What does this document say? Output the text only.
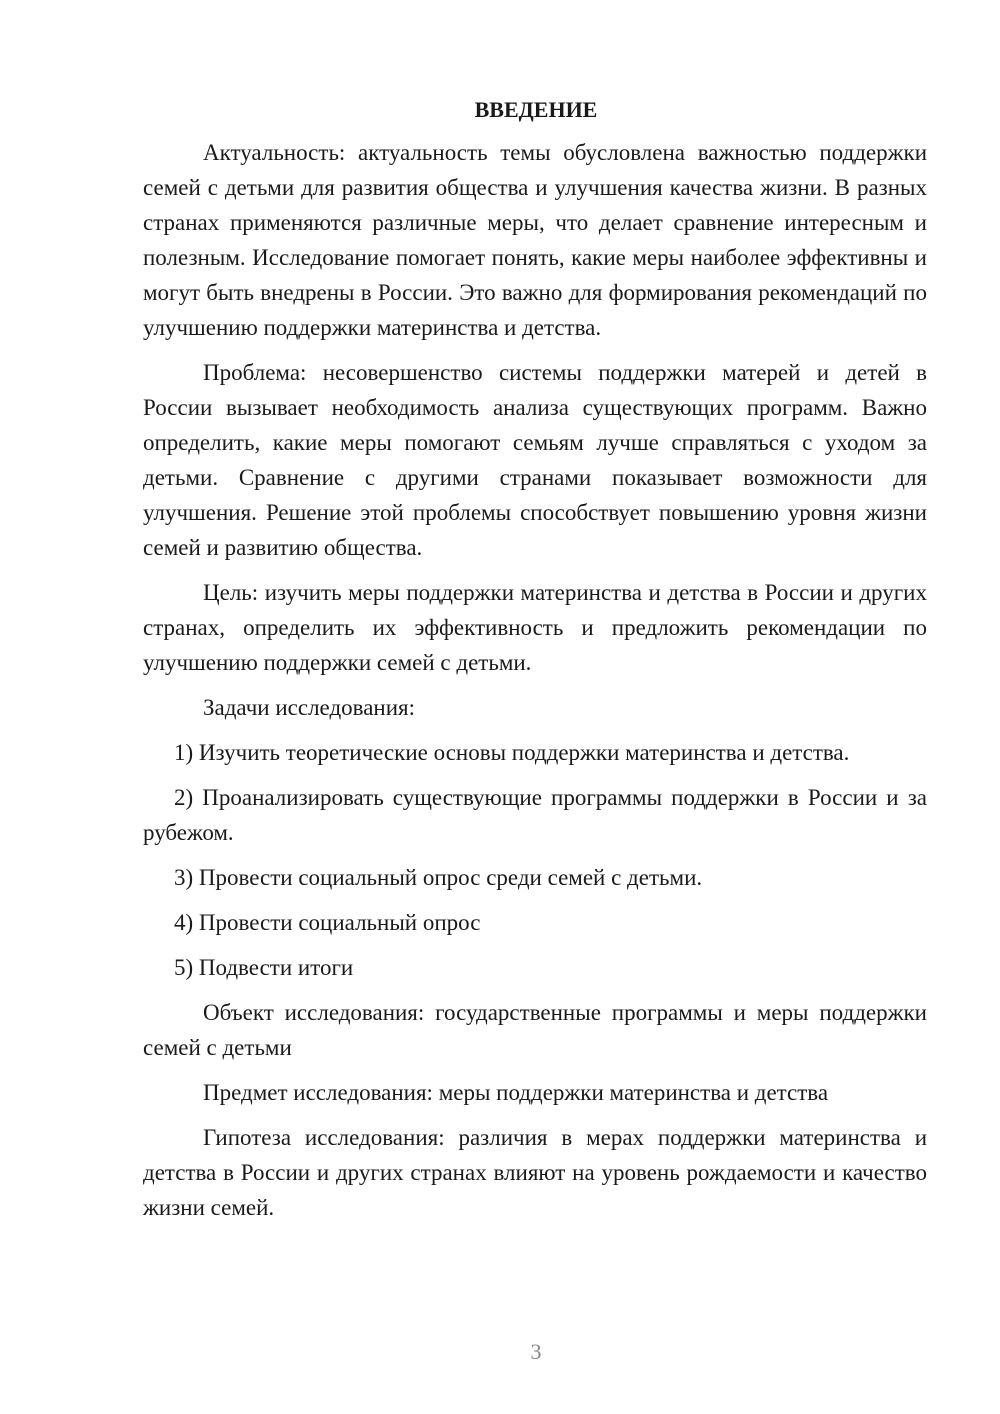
ВВЕДЕНИЕ

Актуальность: актуальность темы обусловлена важностью поддержки семей с детьми для развития общества и улучшения качества жизни. В разных странах применяются различные меры, что делает сравнение интересным и полезным. Исследование помогает понять, какие меры наиболее эффективны и могут быть внедрены в России. Это важно для формирования рекомендаций по улучшению поддержки материнства и детства.

Проблема: несовершенство системы поддержки матерей и детей в России вызывает необходимость анализа существующих программ. Важно определить, какие меры помогают семьям лучше справляться с уходом за детьми. Сравнение с другими странами показывает возможности для улучшения. Решение этой проблемы способствует повышению уровня жизни семей и развитию общества.

Цель: изучить меры поддержки материнства и детства в России и других странах, определить их эффективность и предложить рекомендации по улучшению поддержки семей с детьми.

Задачи исследования:

1) Изучить теоретические основы поддержки материнства и детства.

2) Проанализировать существующие программы поддержки в России и за рубежом.

3) Провести социальный опрос среди семей с детьми.

4) Провести социальный опрос

5) Подвести итоги

Объект исследования: государственные программы и меры поддержки семей с детьми

Предмет исследования: меры поддержки материнства и детства

Гипотеза исследования: различия в мерах поддержки материнства и детства в России и других странах влияют на уровень рождаемости и качество жизни семей.

3
